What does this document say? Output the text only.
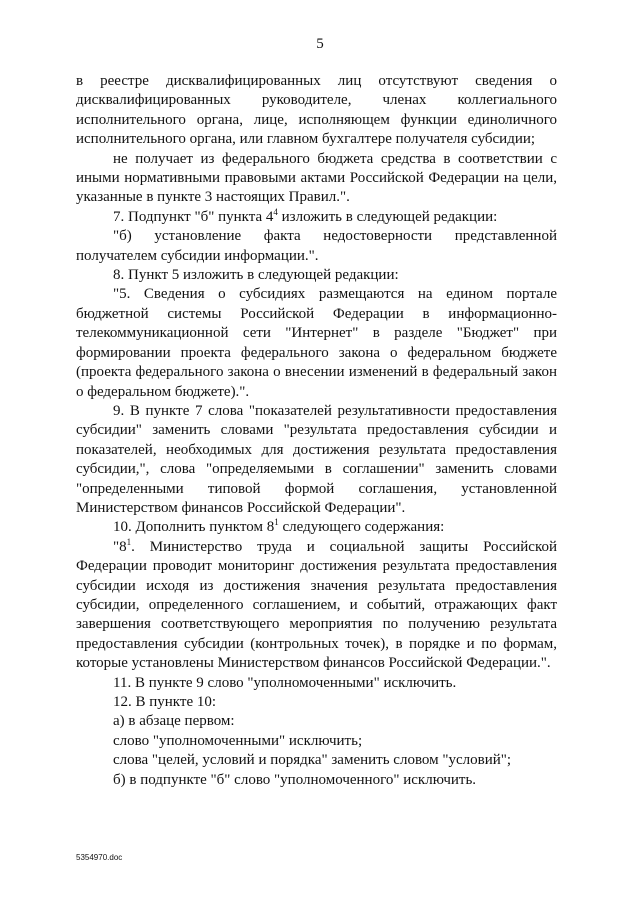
5

в реестре дисквалифицированных лиц отсутствуют сведения о дисквалифицированных руководителе, членах коллегиального исполнительного органа, лице, исполняющем функции единоличного исполнительного органа, или главном бухгалтере получателя субсидии;

не получает из федерального бюджета средства в соответствии с иными нормативными правовыми актами Российской Федерации на цели, указанные в пункте 3 настоящих Правил.".

7. Подпункт "б" пункта $4^4$ изложить в следующей редакции:

"б) установление факта недостоверности представленной получателем субсидии информации.".

8. Пункт 5 изложить в следующей редакции:

"5. Сведения о субсидиях размещаются на едином портале бюджетной системы Российской Федерации в информационно-телекоммуникационной сети "Интернет" в разделе "Бюджет" при формировании проекта федерального закона о федеральном бюджете (проекта федерального закона о внесении изменений в федеральный закон о федеральном бюджете).".

9. В пункте 7 слова "показателей результативности предоставления субсидии" заменить словами "результата предоставления субсидии и показателей, необходимых для достижения результата предоставления субсидии,", слова "определяемыми в соглашении" заменить словами "определенными типовой формой соглашения, установленной Министерством финансов Российской Федерации".

10. Дополнить пунктом $8^1$ следующего содержания:

"$8^1$. Министерство труда и социальной защиты Российской Федерации проводит мониторинг достижения результата предоставления субсидии исходя из достижения значения результата предоставления субсидии, определенного соглашением, и событий, отражающих факт завершения соответствующего мероприятия по получению результата предоставления субсидии (контрольных точек), в порядке и по формам, которые установлены Министерством финансов Российской Федерации.".

11. В пункте 9 слово "уполномоченными" исключить.

12. В пункте 10:

а) в абзаце первом:

слово "уполномоченными" исключить;

слова "целей, условий и порядка" заменить словом "условий";

б) в подпункте "б" слово "уполномоченного" исключить.

5354970.doc
